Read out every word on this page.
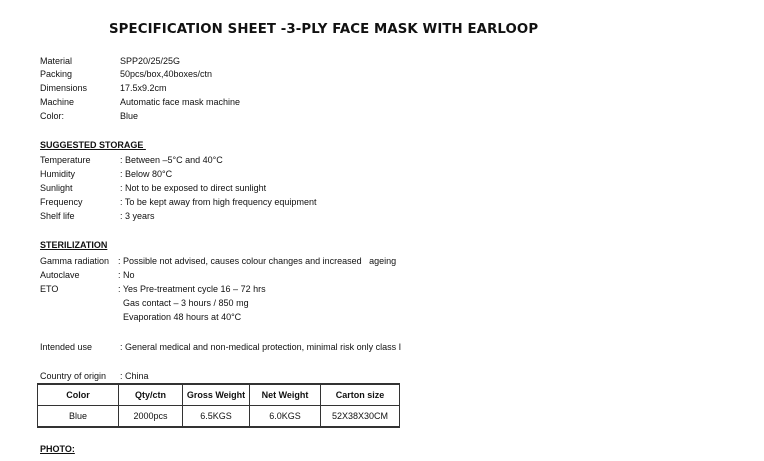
SPECIFICATION SHEET -3-PLY FACE MASK WITH EARLOOP
Material	SPP20/25/25G
Packing	50pcs/box,40boxes/ctn
Dimensions	17.5x9.2cm
Machine	Automatic face mask machine
Color:	Blue
SUGGESTED STORAGE
Temperature	: Between –5°C and 40°C
Humidity	: Below 80°C
Sunlight	: Not to be exposed to direct sunlight
Frequency	: To be kept away from high frequency equipment
Shelf life	: 3 years
STERILIZATION
Gamma radiation : Possible not advised, causes colour changes and increased   ageing
Autoclave	: No
ETO	: Yes Pre-treatment cycle 16 – 72 hrs
Gas contact – 3 hours / 850 mg
Evaporation 48 hours at 40°C
Intended use	: General medical and non-medical protection, minimal risk only class I
Country of origin : China
Color	Qty/ctn	Gross Weight	Net Weight	Carton size
Blue	2000pcs	6.5KGS	6.0KGS	52X38X30CM
PHOTO:
